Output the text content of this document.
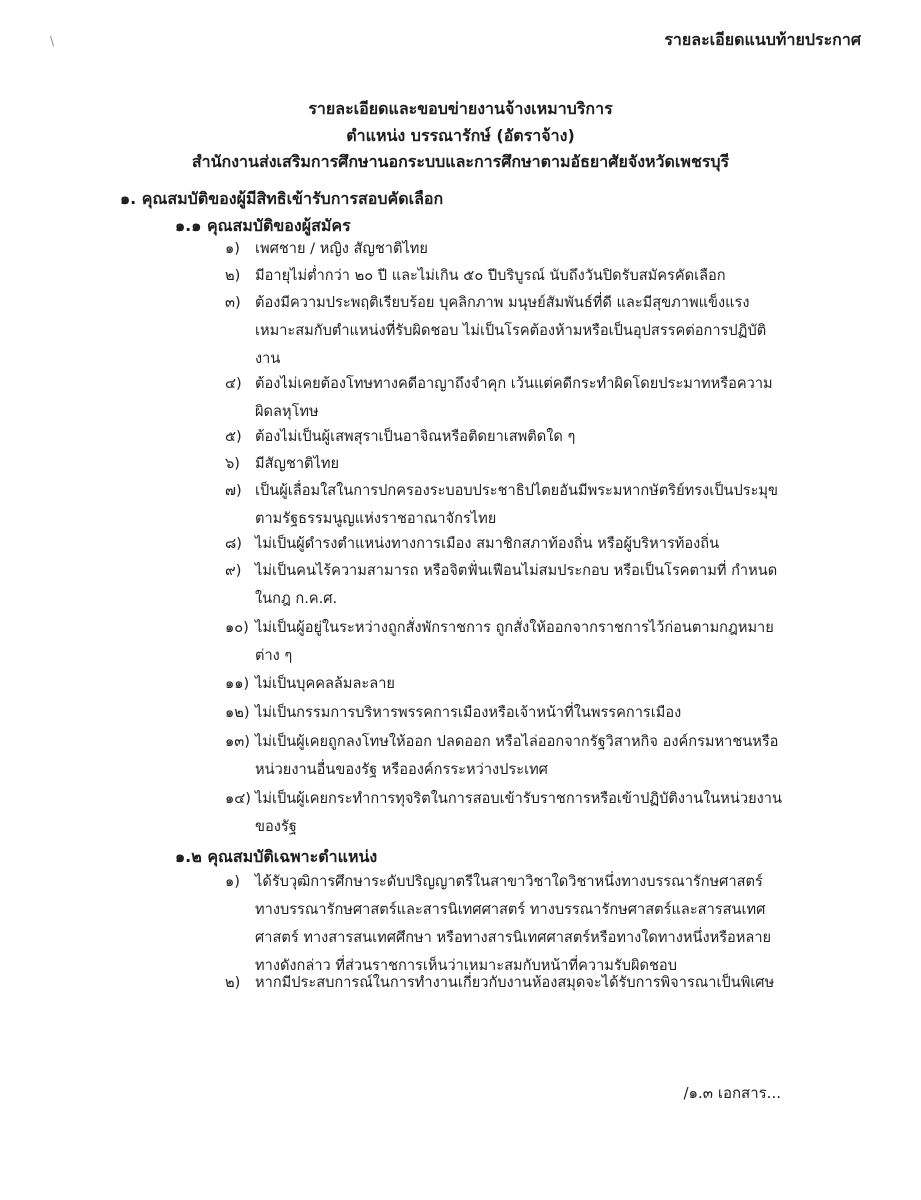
\	รายละเอียดแนบท้ายประกาศ
รายละเอียดและขอบข่ายงานจ้างเหมาบริการ
ตำแหน่ง บรรณารักษ์ (อัตราจ้าง)
สำนักงานส่งเสริมการศึกษานอกระบบและการศึกษาตามอัธยาศัยจังหวัดเพชรบุรี
๑. คุณสมบัติของผู้มีสิทธิเข้ารับการสอบคัดเลือก
๑.๑ คุณสมบัติของผู้สมัคร
๑)	เพศชาย / หญิง สัญชาติไทย
๒)	มีอายุไม่ต่ำกว่า ๒๐ ปี และไม่เกิน ๕๐ ปีบริบูรณ์ นับถึงวันปิดรับสมัครคัดเลือก
๓) ต้องมีความประพฤติเรียบร้อย บุคลิกภาพ มนุษย์สัมพันธ์ที่ดี และมีสุขภาพแข็งแรง เหมาะสมกับตำแหน่งที่รับผิดชอบ ไม่เป็นโรคต้องห้ามหรือเป็นอุปสรรคต่อการปฏิบัติงาน
๔) ต้องไม่เคยต้องโทษทางคดีอาญาถึงจำคุก เว้นแต่คดีกระทำผิดโดยประมาทหรือความผิดลหุโทษ
๕) ต้องไม่เป็นผู้เสพสุราเป็นอาจิณหรือติดยาเสพติดใด ๆ
๖)	มีสัญชาติไทย
๗) เป็นผู้เลื่อมใสในการปกครองระบอบประชาธิปไตยอันมีพระมหากษัตริย์ทรงเป็นประมุขตามรัฐธรรมนูญแห่งราชอาณาจักรไทย
๘) ไม่เป็นผู้ดำรงตำแหน่งทางการเมือง สมาชิกสภาท้องถิ่น หรือผู้บริหารท้องถิ่น
๙) ไม่เป็นคนไร้ความสามารถ หรือจิตฟั่นเฟือนไม่สมประกอบ หรือเป็นโรคตามที่ กำหนดในกฎ ก.ค.ศ.
๑๐) ไม่เป็นผู้อยู่ในระหว่างถูกสั่งพักราชการ ถูกสั่งให้ออกจากราชการไว้ก่อนตามกฎหมายต่าง ๆ
๑๑) ไม่เป็นบุคคลล้มละลาย
๑๒) ไม่เป็นกรรมการบริหารพรรคการเมืองหรือเจ้าหน้าที่ในพรรคการเมือง
๑๓) ไม่เป็นผู้เคยถูกลงโทษให้ออก ปลดออก หรือไล่ออกจากรัฐวิสาหกิจ องค์กรมหาชนหรือหน่วยงานอื่นของรัฐ หรือองค์กรระหว่างประเทศ
๑๔) ไม่เป็นผู้เคยกระทำการทุจริตในการสอบเข้ารับราชการหรือเข้าปฏิบัติงานในหน่วยงานของรัฐ
๑.๒ คุณสมบัติเฉพาะตำแหน่ง
๑)	ได้รับวุฒิการศึกษาระดับปริญญาตรีในสาขาวิชาใดวิชาหนึ่งทางบรรณารักษศาสตร์ ทางบรรณารักษศาสตร์และสารนิเทศศาสตร์ ทางบรรณารักษศาสตร์และสารสนเทศศาสตร์ ทางสารสนเทศศึกษา หรือทางสารนิเทศศาสตร์หรือทางใดทางหนึ่งหรือหลายทางดังกล่าว ที่ส่วนราชการเห็นว่าเหมาะสมกับหน้าที่ความรับผิดชอบ
๒)	หากมีประสบการณ์ในการทำงานเกี่ยวกับงานห้องสมุดจะได้รับการพิจารณาเป็นพิเศษ
/๑.๓ เอกสาร...
